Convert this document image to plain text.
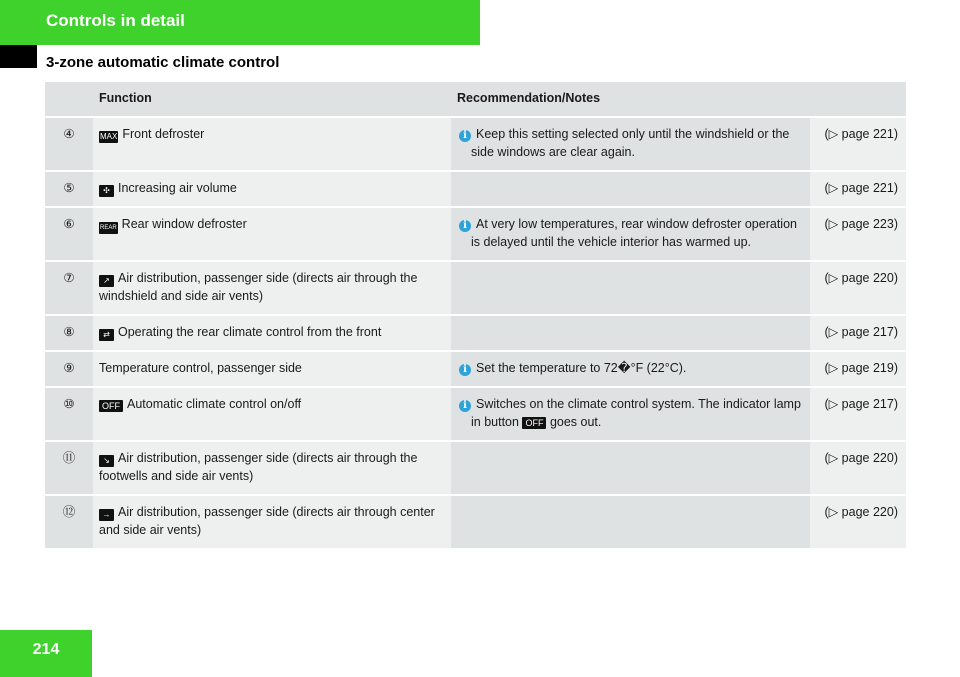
Controls in detail
3-zone automatic climate control
	Function	Recommendation/Notes	
④	MAX Front defroster	i Keep this setting selected only until the windshield or the side windows are clear again.	(▷ page 221)
⑤	✣ Increasing air volume		(▷ page 221)
⑥	REAR Rear window defroster	i At very low temperatures, rear window defroster operation is delayed until the vehicle interior has warmed up.	(▷ page 223)
⑦	↗ Air distribution, passenger side (directs air through the windshield and side air vents)		(▷ page 220)
⑧	⇄ Operating the rear climate control from the front		(▷ page 217)
⑨	Temperature control, passenger side	i Set the temperature to 72�°F (22‌°C).	(▷ page 219)
⑩	OFF Automatic climate control on/off	i Switches on the climate control system. The indicator lamp in button OFF goes out.	(▷ page 217)
⑪	↘ Air distribution, passenger side (directs air through the footwells and side air vents)		(▷ page 220)
⑫	→ Air distribution, passenger side (directs air through center and side air vents)		(▷ page 220)
214
